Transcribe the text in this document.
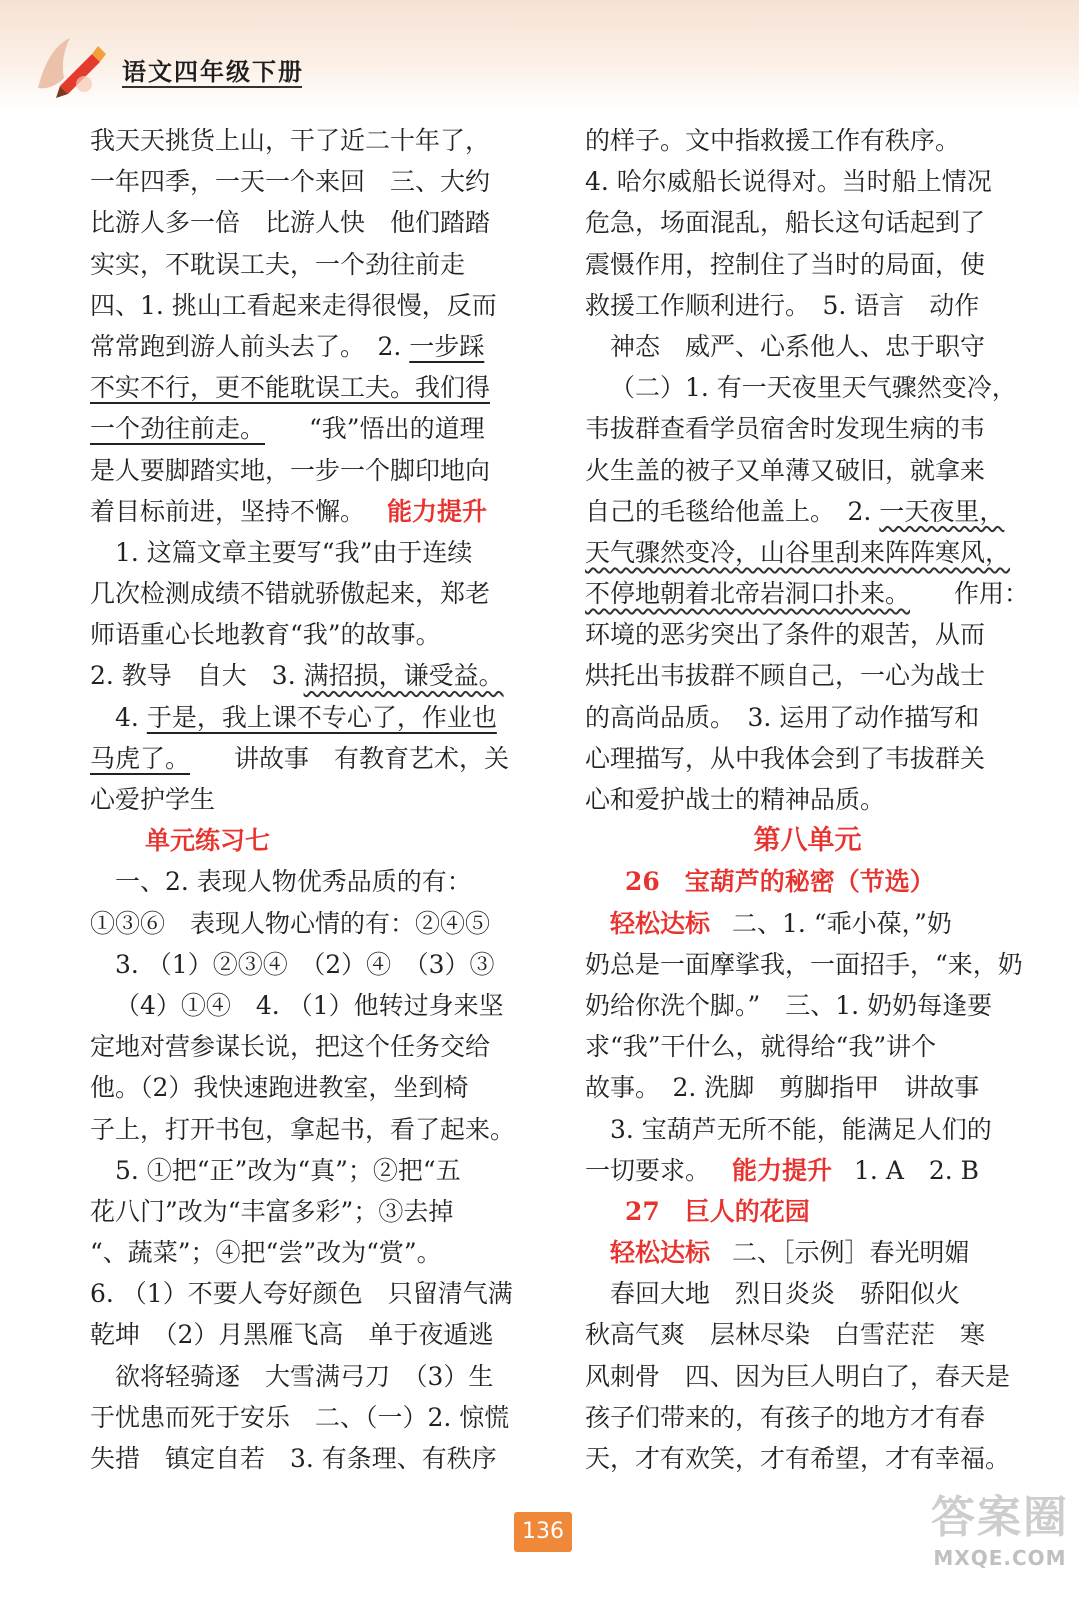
语文四年级下册
我天天挑货上山，干了近二十年了，
一年四季，一天一个来回　三、大约
比游人多一倍　比游人快　他们踏踏
实实，不耽误工夫，一个劲往前走
四、1. 挑山工看起来走得很慢，反而
常常跑到游人前头去了。　2. 一步踩
不实不行，更不能耽误工夫。我们得
一个劲往前走。 “我”悟出的道理
是人要脚踏实地，一步一个脚印地向
着目标前进，坚持不懈。 能力提升
1. 这篇文章主要写“我”由于连续
几次检测成绩不错就骄傲起来，郑老
师语重心长地教育“我”的故事。
2. 教导　自大　3. 满招损，谦受益。
4. 于是，我上课不专心了，作业也
马虎了。 讲故事　有教育艺术，关
心爱护学生
单元练习七
一、2. 表现人物优秀品质的有：
①③⑥　表现人物心情的有：②④⑤
3. （1）②③④　（2）④　（3）③
（4）①④　4. （1）他转过身来坚
定地对营参谋长说，把这个任务交给
他。（2）我快速跑进教室，坐到椅
子上，打开书包，拿起书，看了起来。
5. ①把“正”改为“真”；②把“五
花八门”改为“丰富多彩”；③去掉
“、蔬菜”；④把“尝”改为“赏”。
6. （1）不要人夸好颜色　只留清气满
乾坤　（2）月黑雁飞高　单于夜遁逃
欲将轻骑逐　大雪满弓刀　（3）生
于忧患而死于安乐　二、（一）2. 惊慌
失措　镇定自若　3. 有条理、有秩序
的样子。文中指救援工作有秩序。
4. 哈尔威船长说得对。当时船上情况
危急，场面混乱，船长这句话起到了
震慑作用，控制住了当时的局面，使
救援工作顺利进行。　5. 语言　动作
神态　威严、心系他人、忠于职守
（二）1. 有一天夜里天气骤然变冷，
韦拔群查看学员宿舍时发现生病的韦
火生盖的被子又单薄又破旧，就拿来
自己的毛毯给他盖上。　2. 一天夜里，
天气骤然变冷，山谷里刮来阵阵寒风，
不停地朝着北帝岩洞口扑来。 作用：
环境的恶劣突出了条件的艰苦，从而
烘托出韦拔群不顾自己，一心为战士
的高尚品质。　3. 运用了动作描写和
心理描写，从中我体会到了韦拔群关
心和爱护战士的精神品质。
第八单元
26　宝葫芦的秘密（节选）
轻松达标 二、1. “乖小葆，”奶
奶总是一面摩挲我，一面招手，“来，奶
奶给你洗个脚。”　三、1. 奶奶每逢要
求“我”干什么，就得给“我”讲个
故事。　2. 洗脚　剪脚指甲　讲故事
3. 宝葫芦无所不能，能满足人们的
一切要求。 能力提升 1. A　2. B
27　巨人的花园
轻松达标 二、［示例］春光明媚
春回大地　烈日炎炎　骄阳似火
秋高气爽　层林尽染　白雪茫茫　寒
风刺骨　四、因为巨人明白了，春天是
孩子们带来的，有孩子的地方才有春
天，才有欢笑，才有希望，才有幸福。
136	答案圈
MXQE.COM
